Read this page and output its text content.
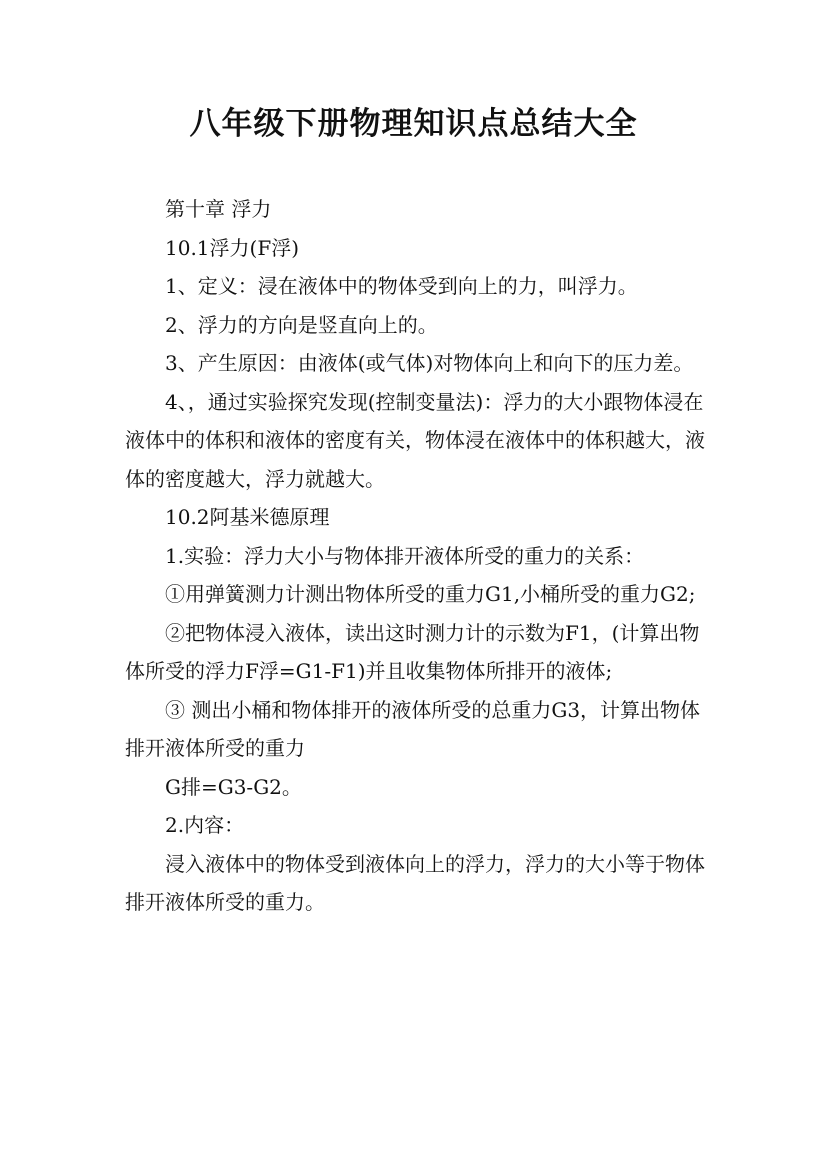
八年级下册物理知识点总结大全

第十章 浮力

10.1浮力(F浮)

1、定义：浸在液体中的物体受到向上的力，叫浮力。

2、浮力的方向是竖直向上的。

3、产生原因：由液体(或气体)对物体向上和向下的压力差。

4、，通过实验探究发现(控制变量法)：浮力的大小跟物体浸在液体中的体积和液体的密度有关，物体浸在液体中的体积越大，液体的密度越大，浮力就越大。

10.2阿基米德原理

1.实验：浮力大小与物体排开液体所受的重力的关系：

①用弹簧测力计测出物体所受的重力G1,小桶所受的重力G2;

②把物体浸入液体，读出这时测力计的示数为F1，(计算出物体所受的浮力F浮=G1-F1)并且收集物体所排开的液体;

③ 测出小桶和物体排开的液体所受的总重力G3，计算出物体排开液体所受的重力

G排=G3-G2。

2.内容：

浸入液体中的物体受到液体向上的浮力，浮力的大小等于物体排开液体所受的重力。
